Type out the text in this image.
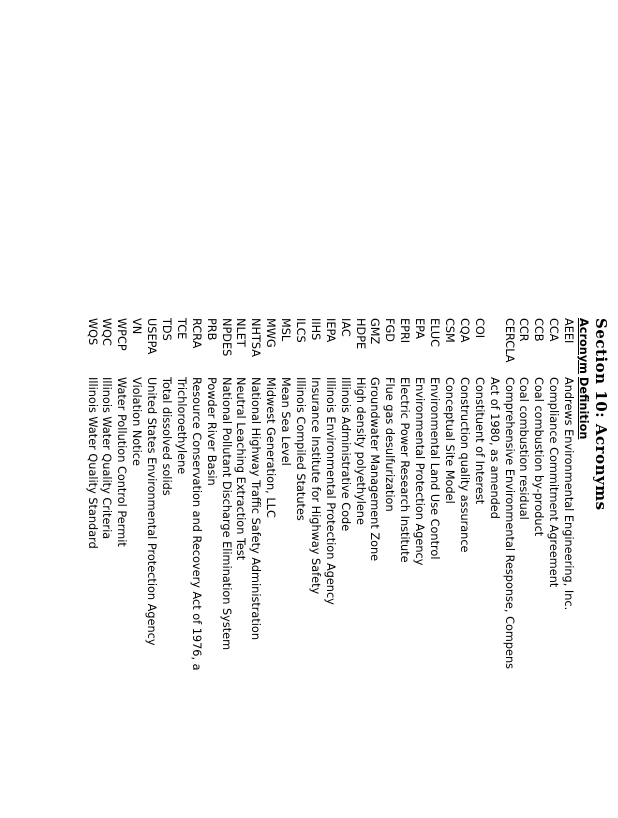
Section 10: Acronyms
Acronym
Definition
AEEI
Andrews Environmental Engineering, Inc.
CCA
Compliance Commitment Agreement
CCB
Coal combustion by-product
CCR
Coal combustion residual
CERCLA
Comprehensive Environmental Response, Compens
Act of 1980, as amended
COI
Constituent of Interest
CQA
Construction quality assurance
CSM
Conceptual Site Model
ELUC
Environmental Land Use Control
EPA
Environmental Protection Agency
EPRI
Electric Power Research Institute
FGD
Flue gas desulfurization
GMZ
Groundwater Management Zone
HDPE
High density polyethylene
IAC
Illinois Administrative Code
IEPA
Illinois Environmental Protection Agency
IIHS
Insurance Institute for Highway Safety
ILCS
Illinois Compiled Statutes
MSL
Mean Sea Level
MWG
Midwest Generation, LLC
NHTSA
National Highway Traffic Safety Administration
NLET
Neutral Leaching Extraction Test
NPDES
National Pollutant Discharge Elimination System
PRB
Powder River Basin
RCRA
Resource Conservation and Recovery Act of 1976, a
TCE
Trichloroethylene
TDS
Total dissolved solids
USEPA
United States Environmental Protection Agency
VN
Violation Notice
WPCP
Water Pollution Control Permit
WQC
Illinois Water Quality Criteria
WQS
Illinois Water Quality Standard
